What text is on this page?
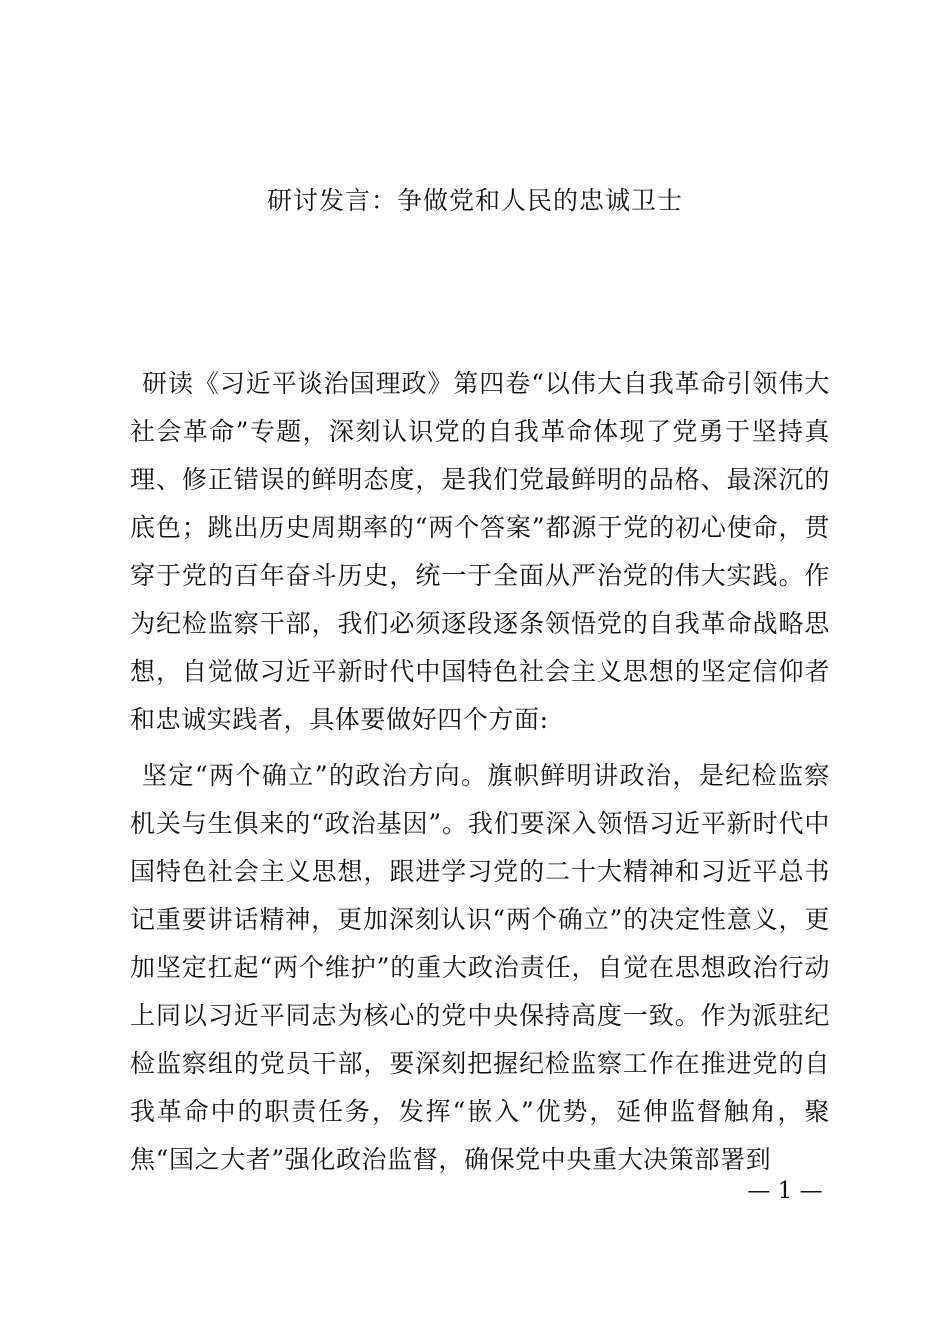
研讨发言：争做党和人民的忠诚卫士

研读《习近平谈治国理政》第四卷“以伟大自我革命引领伟大社会革命”专题，深刻认识党的自我革命体现了党勇于坚持真理、修正错误的鲜明态度，是我们党最鲜明的品格、最深沉的底色；跳出历史周期率的“两个答案”都源于党的初心使命，贯穿于党的百年奋斗历史，统一于全面从严治党的伟大实践。作为纪检监察干部，我们必须逐段逐条领悟党的自我革命战略思想，自觉做习近平新时代中国特色社会主义思想的坚定信仰者和忠诚实践者，具体要做好四个方面:

坚定“两个确立”的政治方向。旗帜鲜明讲政治，是纪检监察机关与生俱来的“政治基因”。我们要深入领悟习近平新时代中国特色社会主义思想，跟进学习党的二十大精神和习近平总书记重要讲话精神，更加深刻认识“两个确立”的决定性意义，更加坚定扛起“两个维护”的重大政治责任，自觉在思想政治行动上同以习近平同志为核心的党中央保持高度一致。作为派驻纪检监察组的党员干部，要深刻把握纪检监察工作在推进党的自我革命中的职责任务，发挥“嵌入”优势，延伸监督触角，聚焦“国之大者”强化政治监督，确保党中央重大决策部署到

— 1 —
